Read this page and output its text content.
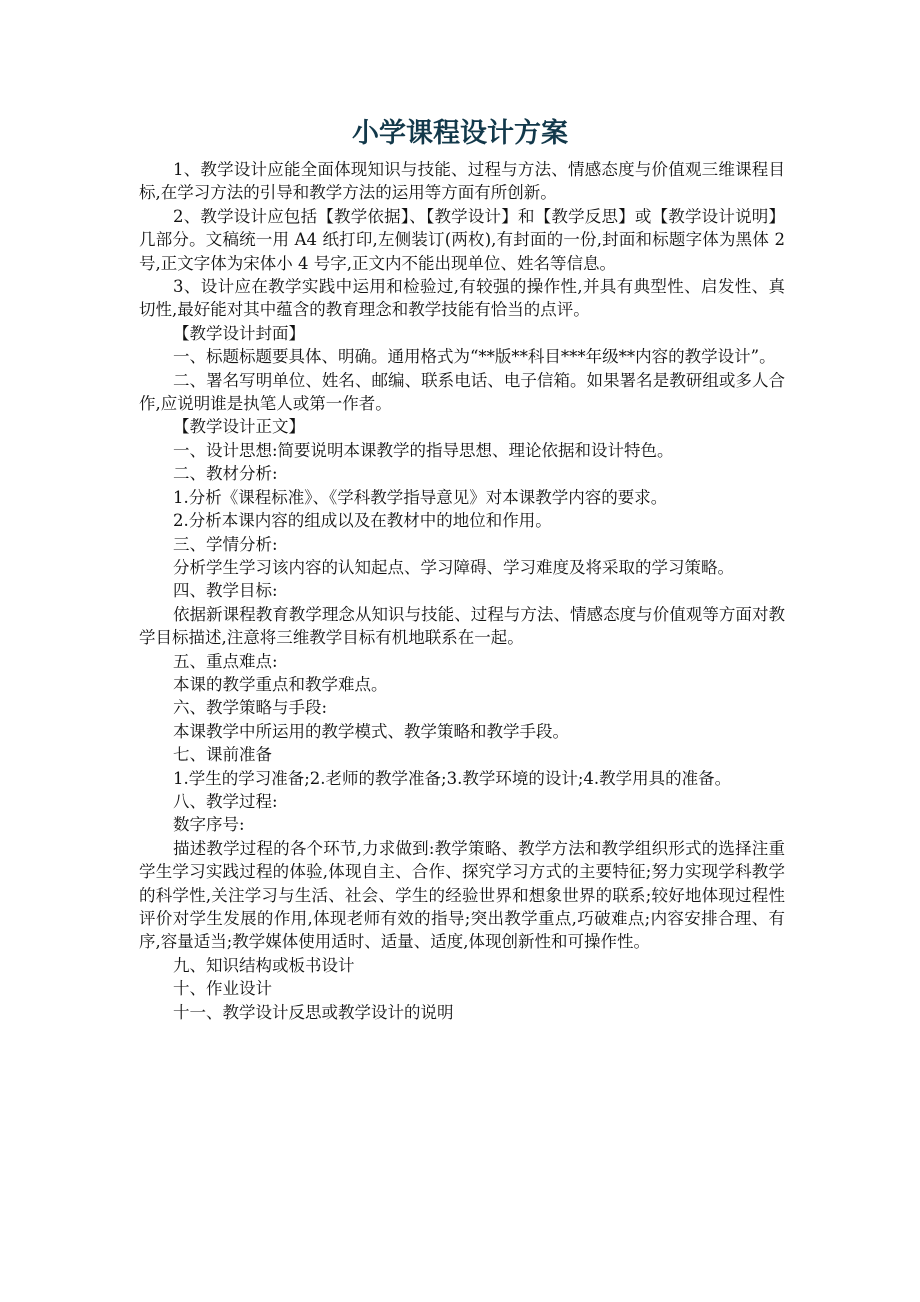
小学课程设计方案

1、教学设计应能全面体现知识与技能、过程与方法、情感态度与价值观三维课程目标,在学习方法的引导和教学方法的运用等方面有所创新。

2、教学设计应包括【教学依据】、【教学设计】和【教学反思】或【教学设计说明】几部分。文稿统一用 A4 纸打印,左侧装订(两枚),有封面的一份,封面和标题字体为黑体 2 号,正文字体为宋体小 4 号字,正文内不能出现单位、姓名等信息。

3、设计应在教学实践中运用和检验过,有较强的操作性,并具有典型性、启发性、真切性,最好能对其中蕴含的教育理念和教学技能有恰当的点评。

【教学设计封面】

一、标题标题要具体、明确。通用格式为“**版**科目***年级**内容的教学设计”。

二、署名写明单位、姓名、邮编、联系电话、电子信箱。如果署名是教研组或多人合作,应说明谁是执笔人或第一作者。

【教学设计正文】

一、设计思想:简要说明本课教学的指导思想、理论依据和设计特色。

二、教材分析:

1.分析《课程标准》、《学科教学指导意见》对本课教学内容的要求。

2.分析本课内容的组成以及在教材中的地位和作用。

三、学情分析:

分析学生学习该内容的认知起点、学习障碍、学习难度及将采取的学习策略。

四、教学目标:

依据新课程教育教学理念从知识与技能、过程与方法、情感态度与价值观等方面对教学目标描述,注意将三维教学目标有机地联系在一起。

五、重点难点:

本课的教学重点和教学难点。

六、教学策略与手段:

本课教学中所运用的教学模式、教学策略和教学手段。

七、课前准备

1.学生的学习准备;2.老师的教学准备;3.教学环境的设计;4.教学用具的准备。

八、教学过程:

数字序号:

描述教学过程的各个环节,力求做到:教学策略、教学方法和教学组织形式的选择注重学生学习实践过程的体验,体现自主、合作、探究学习方式的主要特征;努力实现学科教学的科学性,关注学习与生活、社会、学生的经验世界和想象世界的联系;较好地体现过程性评价对学生发展的作用,体现老师有效的指导;突出教学重点,巧破难点;内容安排合理、有序,容量适当;教学媒体使用适时、适量、适度,体现创新性和可操作性。

九、知识结构或板书设计

十、作业设计

十一、教学设计反思或教学设计的说明
